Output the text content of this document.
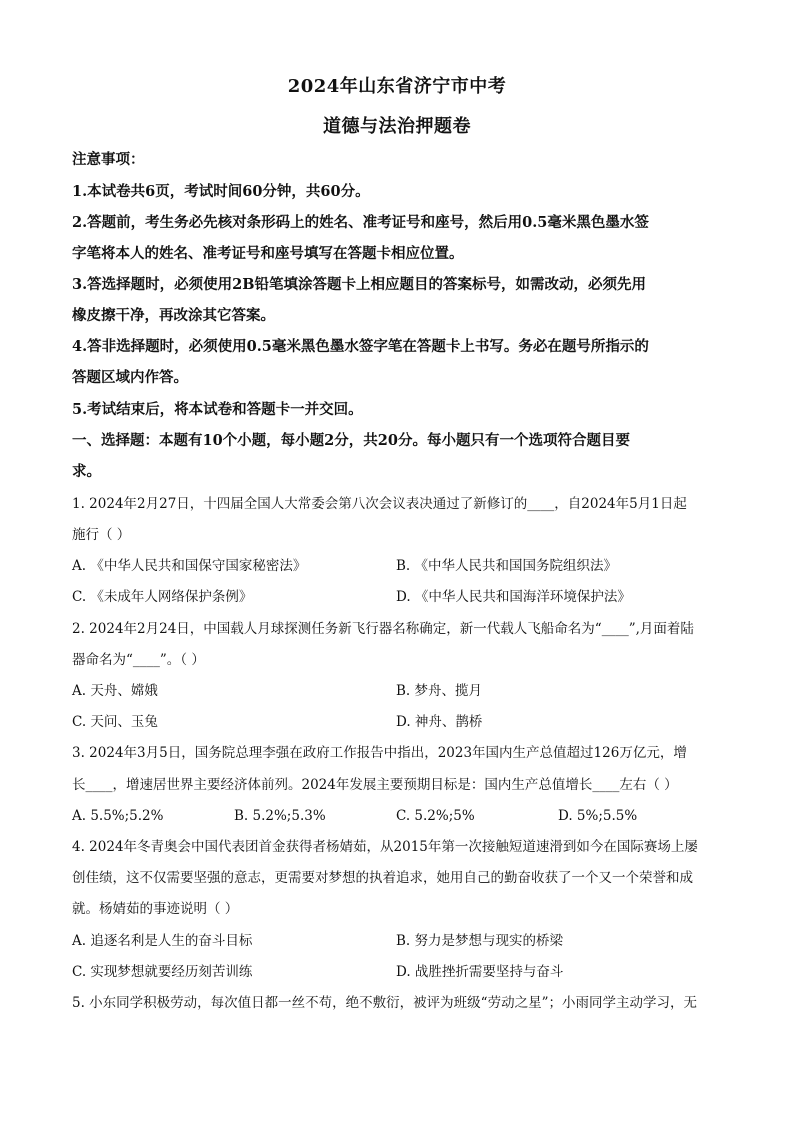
2024年山东省济宁市中考
道德与法治押题卷
注意事项：
1.本试卷共6页，考试时间60分钟，共60分。
2.答题前，考生务必先核对条形码上的姓名、准考证号和座号，然后用0.5毫米黑色墨水签
字笔将本人的姓名、准考证号和座号填写在答题卡相应位置。
3.答选择题时，必须使用2B铅笔填涂答题卡上相应题目的答案标号，如需改动，必须先用
橡皮擦干净，再改涂其它答案。
4.答非选择题时，必须使用0.5毫米黑色墨水签字笔在答题卡上书写。务必在题号所指示的
答题区域内作答。
5.考试结束后，将本试卷和答题卡一并交回。
一、选择题：本题有10个小题，每小题2分，共20分。每小题只有一个选项符合题目要
求。
1. 2024年2月27日，十四届全国人大常委会第八次会议表决通过了新修订的____，自2024年5月1日起
施行（ ）
A. 《中华人民共和国保守国家秘密法》	B. 《中华人民共和国国务院组织法》
C. 《未成年人网络保护条例》	D. 《中华人民共和国海洋环境保护法》
2. 2024年2月24日，中国载人月球探测任务新飞行器名称确定，新一代载人飞船命名为“____”,月面着陆
器命名为“____”。（ ）
A. 天舟、嫦娥	B. 梦舟、揽月
C. 天问、玉兔	D. 神舟、鹊桥
3. 2024年3月5日，国务院总理李强在政府工作报告中指出，2023年国内生产总值超过126万亿元，增
长____，增速居世界主要经济体前列。2024年发展主要预期目标是：国内生产总值增长____左右（ ）
A. 5.5%;5.2%	B. 5.2%;5.3%	C. 5.2%;5%	D. 5%;5.5%
4. 2024年冬青奥会中国代表团首金获得者杨婧茹，从2015年第一次接触短道速滑到如今在国际赛场上屡
创佳绩，这不仅需要坚强的意志，更需要对梦想的执着追求，她用自己的勤奋收获了一个又一个荣誉和成
就。杨婧茹的事迹说明（ ）
A. 追逐名利是人生的奋斗目标	B. 努力是梦想与现实的桥梁
C. 实现梦想就要经历刻苦训练	D. 战胜挫折需要坚持与奋斗
5. 小东同学积极劳动，每次值日都一丝不苟，绝不敷衍，被评为班级“劳动之星”；小雨同学主动学习，无
